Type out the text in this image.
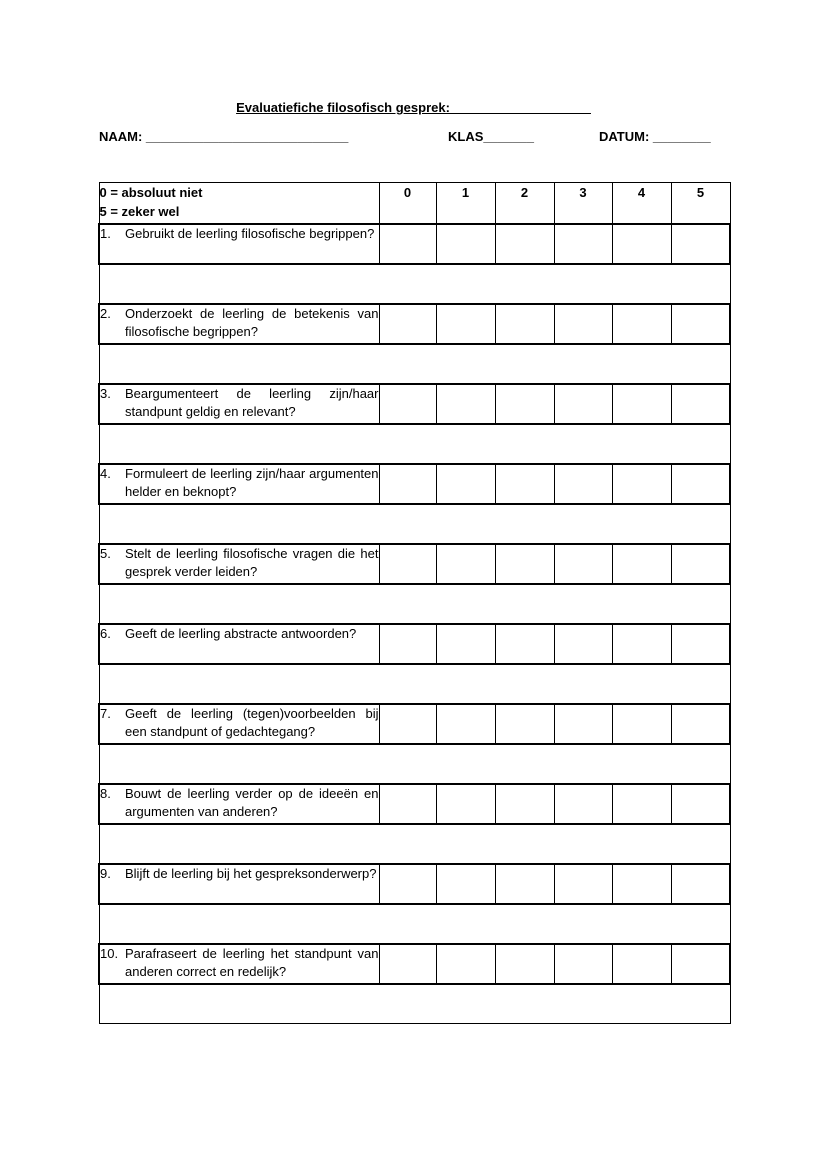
Evaluatiefiche filosofisch gesprek: ___________________
NAAM: ____________________________	KLAS_______	DATUM: ________
0 = absoluut niet
5 = zeker wel	0	1	2	3	4	5

1. Gebruikt de leerling filosofische begrippen?						

2. Onderzoekt de leerling de betekenis van filosofische begrippen?						

3. Beargumenteert de leerling zijn/haar standpunt geldig en relevant?						

4. Formuleert de leerling zijn/haar argumenten helder en beknopt?						

5. Stelt de leerling filosofische vragen die het gesprek verder leiden?						

6. Geeft de leerling abstracte antwoorden?						

7. Geeft de leerling (tegen)voorbeelden bij een standpunt of gedachtegang?						

8. Bouwt de leerling verder op de ideeën en argumenten van anderen?						

9. Blijft de leerling bij het gespreksonderwerp?						

10. Parafraseert de leerling het standpunt van anderen correct en redelijk?						
